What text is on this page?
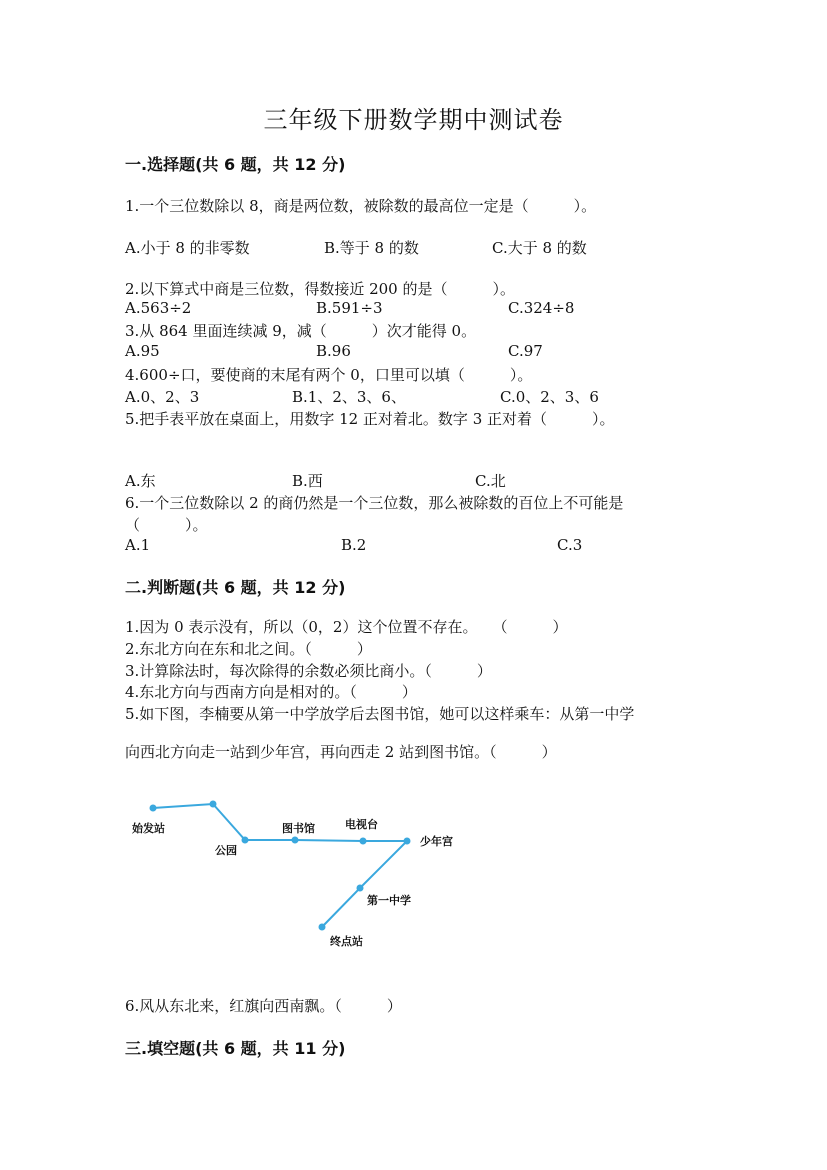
三年级下册数学期中测试卷
一.选择题(共 6 题，共 12 分)
1.一个三位数除以 8，商是两位数，被除数的最高位一定是（　　　）。
A.小于 8 的非零数	B.等于 8 的数	C.大于 8 的数
2.以下算式中商是三位数，得数接近 200 的是（　　　）。
A.563÷2	B.591÷3	C.324÷8
3.从 864 里面连续减 9，减（　　　）次才能得 0。
A.95	B.96	C.97
4.600÷口，要使商的末尾有两个 0，口里可以填（　　　）。
A.0、2、3	B.1、2、3、6、	C.0、2、3、6
5.把手表平放在桌面上，用数字 12 正对着北。数字 3 正对着（　　　）。
A.东	B.西	C.北
6.一个三位数除以 2 的商仍然是一个三位数，那么被除数的百位上不可能是
（　　　）。
A.1	B.2	C.3
二.判断题(共 6 题，共 12 分)
1.因为 0 表示没有，所以（0，2）这个位置不存在。　　（　　　）
2.东北方向在东和北之间。（　　　）
3.计算除法时，每次除得的余数必须比商小。（　　　）
4.东北方向与西南方向是相对的。（　　　）
5.如下图，李楠要从第一中学放学后去图书馆，她可以这样乘车：从第一中学
向西北方向走一站到少年宫，再向西走 2 站到图书馆。（　　　）
始发站
公园
图书馆	电视台
少年宫
第一中学
终点站
6.风从东北来，红旗向西南飘。（　　　）
三.填空题(共 6 题，共 11 分)
